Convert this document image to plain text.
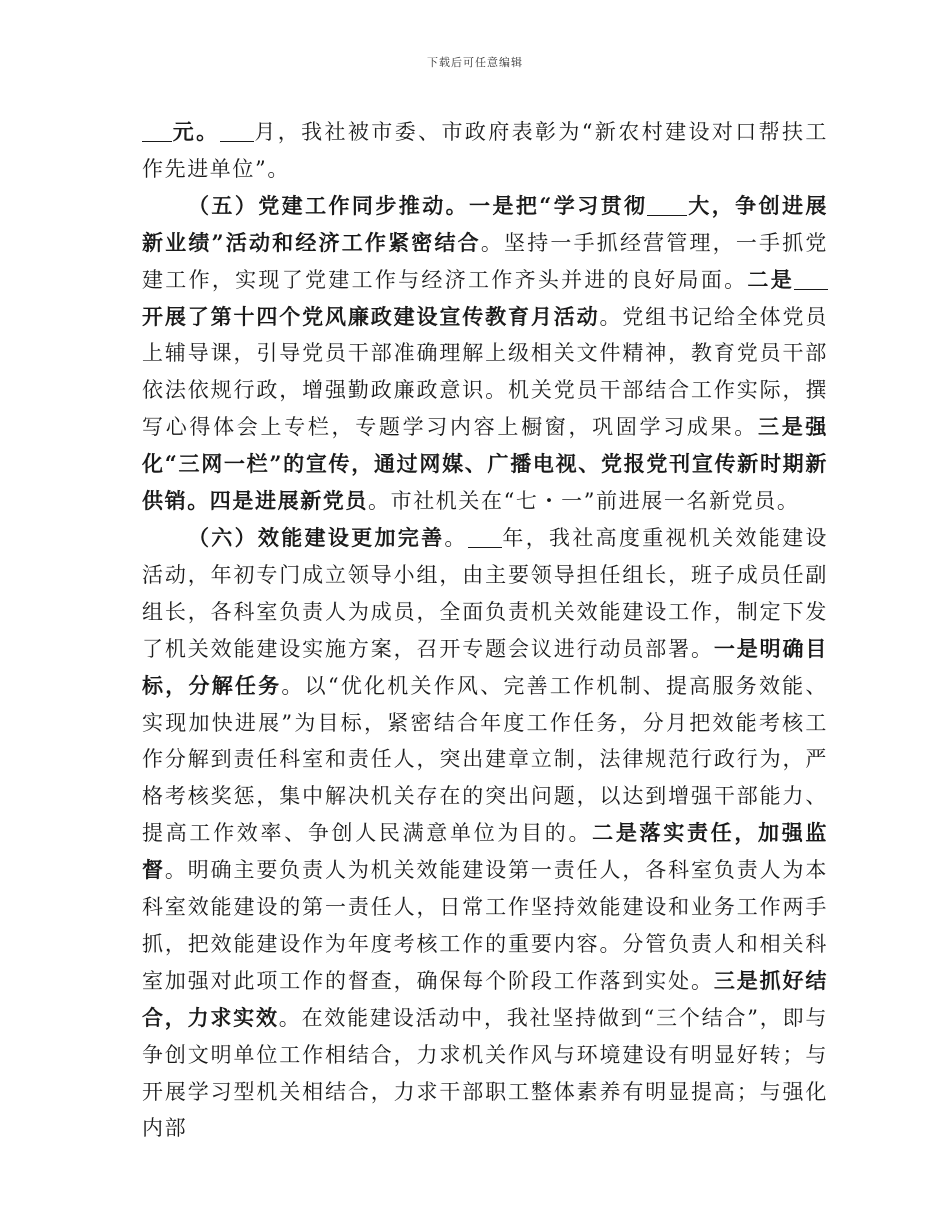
下载后可任意编辑

元。 月，我社被市委、市政府表彰为“新农村建设对口帮扶工作先进单位”。

（五）党建工作同步推动。一是把“学习贯彻 大，争创进展新业绩”活动和经济工作紧密结合。坚持一手抓经营管理，一手抓党建工作，实现了党建工作与经济工作齐头并进的良好局面。二是开展了第十四个党风廉政建设宣传教育月活动。党组书记给全体党员上辅导课，引导党员干部准确理解上级相关文件精神，教育党员干部依法依规行政，增强勤政廉政意识。机关党员干部结合工作实际，撰写心得体会上专栏，专题学习内容上橱窗，巩固学习成果。三是强化“三网一栏”的宣传，通过网媒、广播电视、党报党刊宣传新时期新供销。四是进展新党员。市社机关在“七・一”前进展一名新党员。

（六）效能建设更加完善。 年，我社高度重视机关效能建设活动，年初专门成立领导小组，由主要领导担任组长，班子成员任副组长，各科室负责人为成员，全面负责机关效能建设工作，制定下发了机关效能建设实施方案，召开专题会议进行动员部署。一是明确目标，分解任务。以“优化机关作风、完善工作机制、提高服务效能、实现加快进展”为目标，紧密结合年度工作任务，分月把效能考核工作分解到责任科室和责任人，突出建章立制，法律规范行政行为，严格考核奖惩，集中解决机关存在的突出问题，以达到增强干部能力、提高工作效率、争创人民满意单位为目的。二是落实责任，加强监督。明确主要负责人为机关效能建设第一责任人，各科室负责人为本科室效能建设的第一责任人，日常工作坚持效能建设和业务工作两手抓，把效能建设作为年度考核工作的重要内容。分管负责人和相关科室加强对此项工作的督查，确保每个阶段工作落到实处。三是抓好结合，力求实效。在效能建设活动中，我社坚持做到“三个结合”，即与争创文明单位工作相结合，力求机关作风与环境建设有明显好转；与开展学习型机关相结合，力求干部职工整体素养有明显提高；与强化内部
